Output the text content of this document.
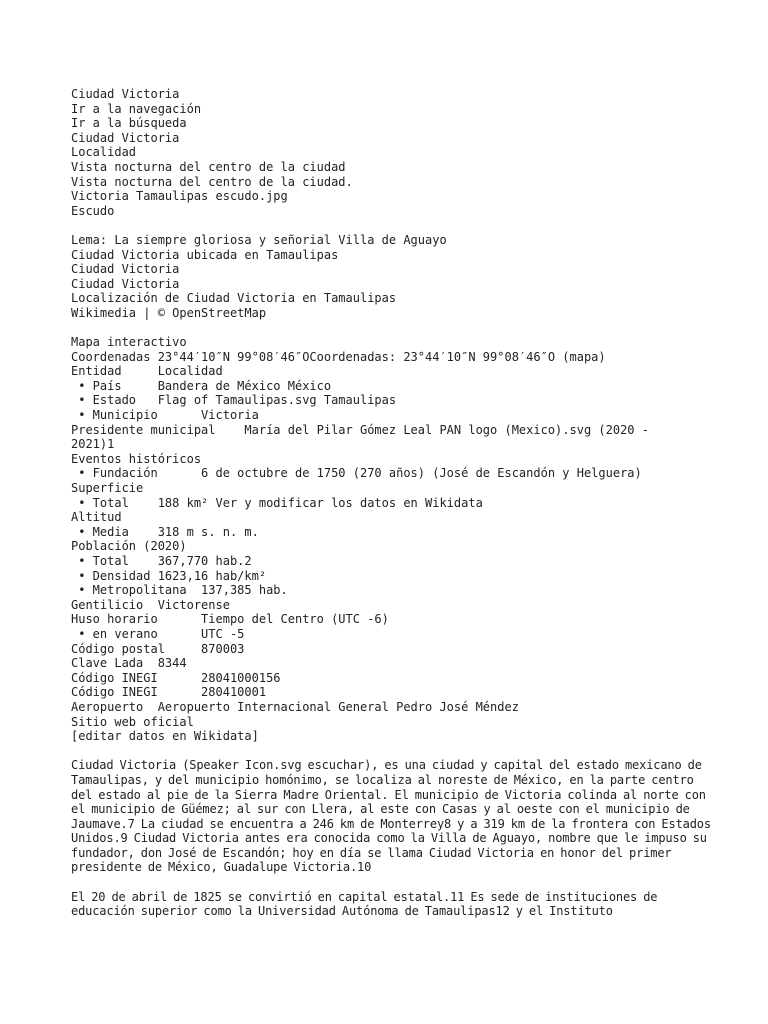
Ciudad Victoria
Ir a la navegación
Ir a la búsqueda
Ciudad Victoria
Localidad
Vista nocturna del centro de la ciudad
Vista nocturna del centro de la ciudad.
Victoria Tamaulipas escudo.jpg
Escudo
Lema: La siempre gloriosa y señorial Villa de Aguayo
Ciudad Victoria ubicada en Tamaulipas
Ciudad Victoria
Ciudad Victoria
Localización de Ciudad Victoria en Tamaulipas
Wikimedia | © OpenStreetMap
Mapa interactivo
Coordenadas 23°44′10″N 99°08′46″OCoordenadas: 23°44′10″N 99°08′46″O (mapa)
Entidad     Localidad
• País     Bandera de México México
• Estado   Flag of Tamaulipas.svg Tamaulipas
• Municipio      Victoria
Presidente municipal    María del Pilar Gómez Leal PAN logo (Mexico).svg (2020 -
2021)1
Eventos históricos
• Fundación      6 de octubre de 1750 (270 años) (José de Escandón y Helguera)
Superficie
• Total    188 km² Ver y modificar los datos en Wikidata
Altitud
• Media    318 m s. n. m.
Población (2020)
• Total    367,770 hab.2
• Densidad 1623,16 hab/km²
• Metropolitana  137,385 hab.
Gentilicio  Victorense
Huso horario      Tiempo del Centro (UTC -6)
• en verano      UTC -5
Código postal     870003
Clave Lada  8344
Código INEGI      28041000156
Código INEGI      280410001
Aeropuerto  Aeropuerto Internacional General Pedro José Méndez
Sitio web oficial
[editar datos en Wikidata]

Ciudad Victoria (Speaker Icon.svg escuchar), es una ciudad y capital del estado mexicano de Tamaulipas, y del municipio homónimo, se localiza al noreste de México, en la parte centro del estado al pie de la Sierra Madre Oriental. El municipio de Victoria colinda al norte con el municipio de Güémez; al sur con Llera, al este con Casas y al oeste con el municipio de Jaumave.7 La ciudad se encuentra a 246 km de Monterrey8 y a 319 km de la frontera con Estados Unidos.9 Ciudad Victoria antes era conocida como la Villa de Aguayo, nombre que le impuso su fundador, don José de Escandón; hoy en día se llama Ciudad Victoria en honor del primer presidente de México, Guadalupe Victoria.10

El 20 de abril de 1825 se convirtió en capital estatal.11 Es sede de instituciones de educación superior como la Universidad Autónoma de Tamaulipas12 y el Instituto
